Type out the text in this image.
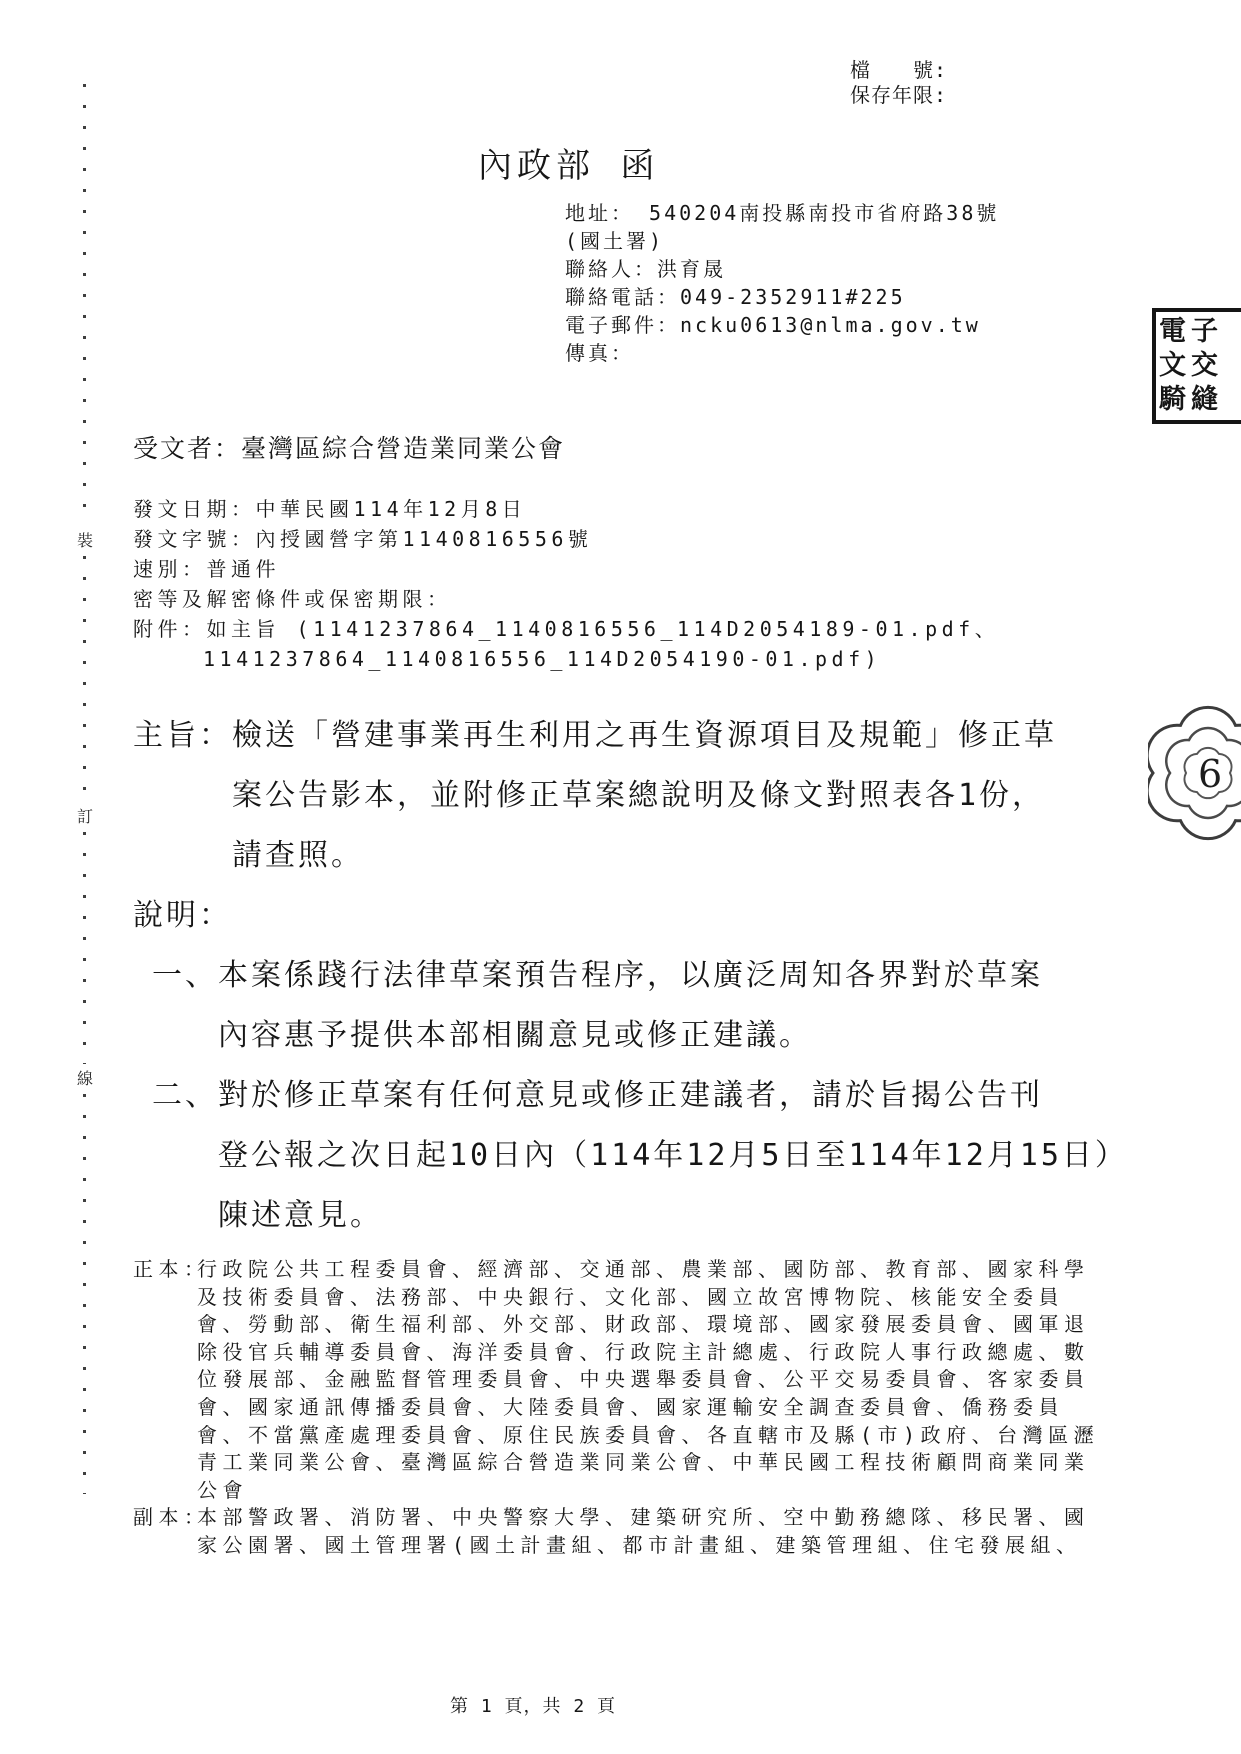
裝
訂
線
檔　　號:
保存年限:
內政部 函
地址： 540204南投縣南投市省府路38號
(國土署)
聯絡人：洪育晟
聯絡電話：049-2352911#225
電子郵件：ncku0613@nlma.gov.tw
傳真：
電子
文交
騎縫
受文者：臺灣區綜合營造業同業公會
發文日期：中華民國114年12月8日
發文字號：內授國營字第1140816556號
速別：普通件
密等及解密條件或保密期限：
附件：如主旨 (1141237864_1140816556_114D2054189-01.pdf、
1141237864_1140816556_114D2054190-01.pdf)
主旨：檢送「營建事業再生利用之再生資源項目及規範」修正草
案公告影本，並附修正草案總說明及條文對照表各1份，
請查照。
說明：
一、本案係踐行法律草案預告程序，以廣泛周知各界對於草案
內容惠予提供本部相關意見或修正建議。
二、對於修正草案有任何意見或修正建議者，請於旨揭公告刊
登公報之次日起10日內（114年12月5日至114年12月15日）
陳述意見。
6
正本：
行政院公共工程委員會、經濟部、交通部、農業部、國防部、教育部、國家科學
及技術委員會、法務部、中央銀行、文化部、國立故宮博物院、核能安全委員
會、勞動部、衛生福利部、外交部、財政部、環境部、國家發展委員會、國軍退
除役官兵輔導委員會、海洋委員會、行政院主計總處、行政院人事行政總處、數
位發展部、金融監督管理委員會、中央選舉委員會、公平交易委員會、客家委員
會、國家通訊傳播委員會、大陸委員會、國家運輸安全調查委員會、僑務委員
會、不當黨產處理委員會、原住民族委員會、各直轄市及縣(市)政府、台灣區瀝
青工業同業公會、臺灣區綜合營造業同業公會、中華民國工程技術顧問商業同業
公會
副本：
本部警政署、消防署、中央警察大學、建築研究所、空中勤務總隊、移民署、國
家公園署、國土管理署(國土計畫組、都市計畫組、建築管理組、住宅發展組、
第 1 頁，共 2 頁
